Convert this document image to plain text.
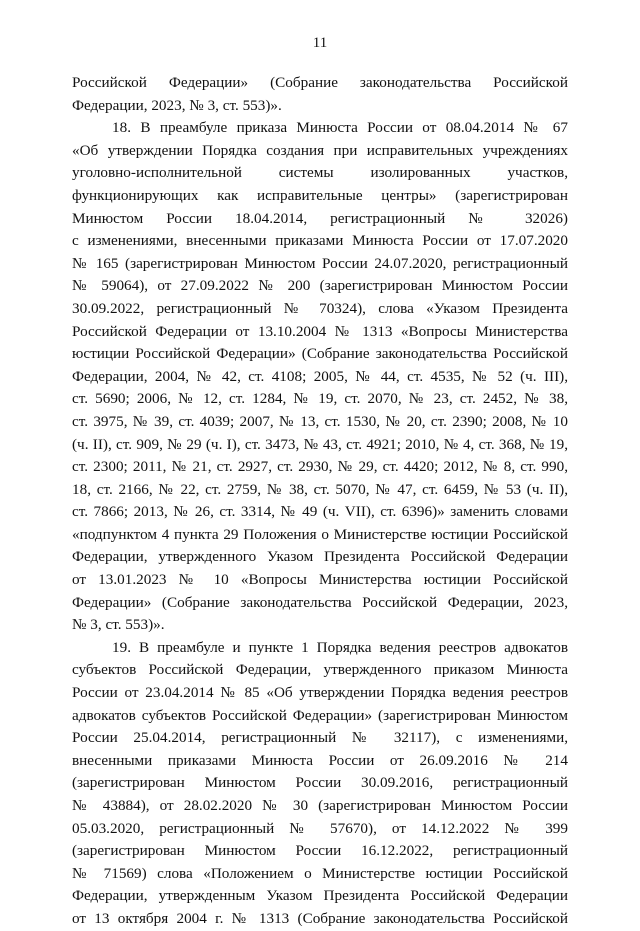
11
Российской Федерации» (Собрание законодательства Российской
Федерации, 2023, № 3, ст. 553)».
18. В преамбуле приказа Минюста России от 08.04.2014 № 67
«Об утверждении Порядка создания при исправительных учреждениях
уголовно-исполнительной системы изолированных участков,
функционирующих как исправительные центры» (зарегистрирован
Минюстом России 18.04.2014, регистрационный № 32026)
с изменениями, внесенными приказами Минюста России от 17.07.2020
№ 165 (зарегистрирован Минюстом России 24.07.2020, регистрационный
№ 59064), от 27.09.2022 № 200 (зарегистрирован Минюстом России
30.09.2022, регистрационный № 70324), слова «Указом Президента
Российской Федерации от 13.10.2004 № 1313 «Вопросы Министерства
юстиции Российской Федерации» (Собрание законодательства Российской
Федерации, 2004, № 42, ст. 4108; 2005, № 44, ст. 4535, № 52 (ч. III),
ст. 5690; 2006, № 12, ст. 1284, № 19, ст. 2070, № 23, ст. 2452, № 38,
ст. 3975, № 39, ст. 4039; 2007, № 13, ст. 1530, № 20, ст. 2390; 2008, № 10
(ч. II), ст. 909, № 29 (ч. I), ст. 3473, № 43, ст. 4921; 2010, № 4, ст. 368, № 19,
ст. 2300; 2011, № 21, ст. 2927, ст. 2930, № 29, ст. 4420; 2012, № 8, ст. 990,
18, ст. 2166, № 22, ст. 2759, № 38, ст. 5070, № 47, ст. 6459, № 53 (ч. II),
ст. 7866; 2013, № 26, ст. 3314, № 49 (ч. VII), ст. 6396)» заменить словами
«подпунктом 4 пункта 29 Положения о Министерстве юстиции Российской
Федерации, утвержденного Указом Президента Российской Федерации
от 13.01.2023 № 10 «Вопросы Министерства юстиции Российской
Федерации» (Собрание законодательства Российской Федерации, 2023,
№ 3, ст. 553)».
19. В преамбуле и пункте 1 Порядка ведения реестров адвокатов
субъектов Российской Федерации, утвержденного приказом Минюста
России от 23.04.2014 № 85 «Об утверждении Порядка ведения реестров
адвокатов субъектов Российской Федерации» (зарегистрирован Минюстом
России 25.04.2014, регистрационный № 32117), с изменениями,
внесенными приказами Минюста России от 26.09.2016 № 214
(зарегистрирован Минюстом России 30.09.2016, регистрационный
№ 43884), от 28.02.2020 № 30 (зарегистрирован Минюстом России
05.03.2020, регистрационный № 57670), от 14.12.2022 № 399
(зарегистрирован Минюстом России 16.12.2022, регистрационный
№ 71569) слова «Положением о Министерстве юстиции Российской
Федерации, утвержденным Указом Президента Российской Федерации
от 13 октября 2004 г. № 1313 (Собрание законодательства Российской
